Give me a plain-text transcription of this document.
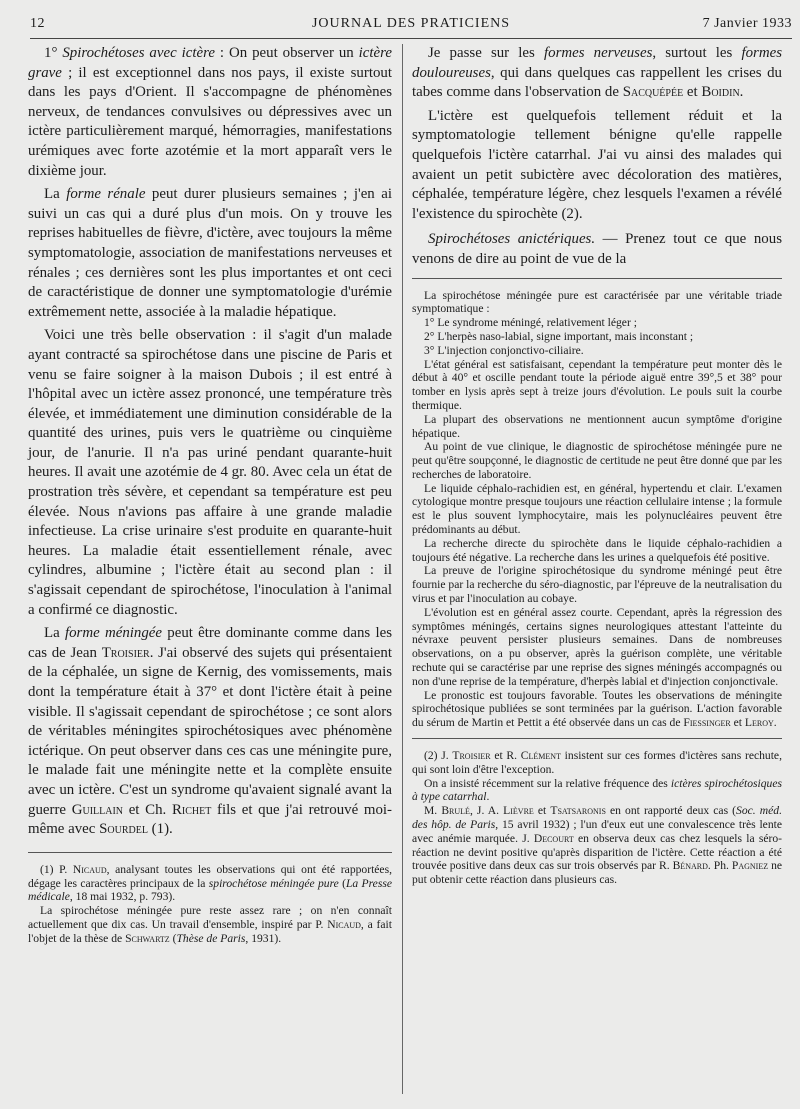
12	JOURNAL DES PRATICIENS	7 Janvier 1933

1° Spirochétoses avec ictère : On peut observer un ictère grave ; il est exceptionnel dans nos pays, il existe surtout dans les pays d'Orient. Il s'accompagne de phénomènes nerveux, de tendances convulsives ou dépressives avec un ictère particulièrement marqué, hémorragies, manifestations urémiques avec forte azotémie et la mort apparaît vers le dixième jour.

La forme rénale peut durer plusieurs semaines ; j'en ai suivi un cas qui a duré plus d'un mois. On y trouve les reprises habituelles de fièvre, d'ictère, avec toujours la même symptomatologie, association de manifestations nerveuses et rénales ; ces dernières sont les plus importantes et ont ceci de caractéristique de donner une symptomatologie d'urémie extrêmement nette, associée à la maladie hépatique.

Voici une très belle observation : il s'agit d'un malade ayant contracté sa spirochétose dans une piscine de Paris et venu se faire soigner à la maison Dubois ; il est entré à l'hôpital avec un ictère assez prononcé, une température très élevée, et immédiatement une diminution considérable de la quantité des urines, puis vers le quatrième ou cinquième jour, de l'anurie. Il n'a pas uriné pendant quarante-huit heures. Il avait une azotémie de 4 gr. 80. Avec cela un état de prostration très sévère, et cependant sa température est peu élevée. Nous n'avions pas affaire à une grande maladie infectieuse. La crise urinaire s'est produite en quarante-huit heures. La maladie était essentiellement rénale, avec cylindres, albumine ; l'ictère était au second plan : il s'agissait cependant de spirochétose, l'inoculation à l'animal a confirmé ce diagnostic.

La forme méningée peut être dominante comme dans les cas de Jean Troisier. J'ai observé des sujets qui présentaient de la céphalée, un signe de Kernig, des vomissements, mais dont la température était à 37° et dont l'ictère était à peine visible. Il s'agissait cependant de spirochétose ; ce sont alors de véritables méningites spirochétosiques avec phénomène ictérique. On peut observer dans ces cas une méningite pure, le malade fait une méningite nette et la complète ensuite avec un ictère. C'est un syndrome qu'avaient signalé avant la guerre Guillain et Ch. Richet fils et que j'ai retrouvé moi-même avec Sourdel (1).

(1) P. Nicaud, analysant toutes les observations qui ont été rapportées, dégage les caractères principaux de la spirochétose méningée pure (La Presse médicale, 18 mai 1932, p. 793).

La spirochétose méningée pure reste assez rare ; on n'en connaît actuellement que dix cas. Un travail d'ensemble, inspiré par P. Nicaud, a fait l'objet de la thèse de Schwartz (Thèse de Paris, 1931).

Je passe sur les formes nerveuses, surtout les formes douloureuses, qui dans quelques cas rappellent les crises du tabes comme dans l'observation de Sacquépée et Boidin.

L'ictère est quelquefois tellement réduit et la symptomatologie tellement bénigne qu'elle rappelle quelquefois l'ictère catarrhal. J'ai vu ainsi des malades qui avaient un petit subictère avec décoloration des matières, céphalée, température légère, chez lesquels l'examen a révélé l'existence du spirochète (2).

Spirochétoses anictériques. — Prenez tout ce que nous venons de dire au point de vue de la

La spirochétose méningée pure est caractérisée par une véritable triade symptomatique :

1° Le syndrome méningé, relativement léger ;

2° L'herpès naso-labial, signe important, mais inconstant ;

3° L'injection conjonctivo-ciliaire.

L'état général est satisfaisant, cependant la température peut monter dès le début à 40° et oscille pendant toute la période aiguë entre 39°,5 et 38° pour tomber en lysis après sept à treize jours d'évolution. Le pouls suit la courbe thermique.

La plupart des observations ne mentionnent aucun symptôme d'origine hépatique.

Au point de vue clinique, le diagnostic de spirochétose méningée pure ne peut qu'être soupçonné, le diagnostic de certitude ne peut être donné que par les recherches de laboratoire.

Le liquide céphalo-rachidien est, en général, hypertendu et clair. L'examen cytologique montre presque toujours une réaction cellulaire intense ; la formule est le plus souvent lymphocytaire, mais les polynucléaires peuvent être prédominants au début.

La recherche directe du spirochète dans le liquide céphalo-rachidien a toujours été négative. La recherche dans les urines a quelquefois été positive.

La preuve de l'origine spirochétosique du syndrome méningé peut être fournie par la recherche du séro-diagnostic, par l'épreuve de la neutralisation du virus et par l'inoculation au cobaye.

L'évolution est en général assez courte. Cependant, après la régression des symptômes méningés, certains signes neurologiques attestant l'atteinte du névraxe peuvent persister plusieurs semaines. Dans de nombreuses observations, on a pu observer, après la guérison complète, une véritable rechute qui se caractérise par une reprise des signes méningés accompagnés ou non d'une reprise de la température, d'herpès labial et d'injection conjonctivale.

Le pronostic est toujours favorable. Toutes les observations de méningite spirochétosique publiées se sont terminées par la guérison. L'action favorable du sérum de Martin et Pettit a été observée dans un cas de Fiessinger et Leroy.

(2) J. Troisier et R. Clément insistent sur ces formes d'ictères sans rechute, qui sont loin d'être l'exception.

On a insisté récemment sur la relative fréquence des ictères spirochétosiques à type catarrhal.

M. Brulé, J. A. Lièvre et Tsatsaronis en ont rapporté deux cas (Soc. méd. des hôp. de Paris, 15 avril 1932) ; l'un d'eux eut une convalescence très lente avec anémie marquée. J. Decourt en observa deux cas chez lesquels la séro-réaction ne devint positive qu'après disparition de l'ictère. Cette réaction a été trouvée positive dans deux cas sur trois observés par R. Bénard. Ph. Pagniez ne put obtenir cette réaction dans plusieurs cas.
